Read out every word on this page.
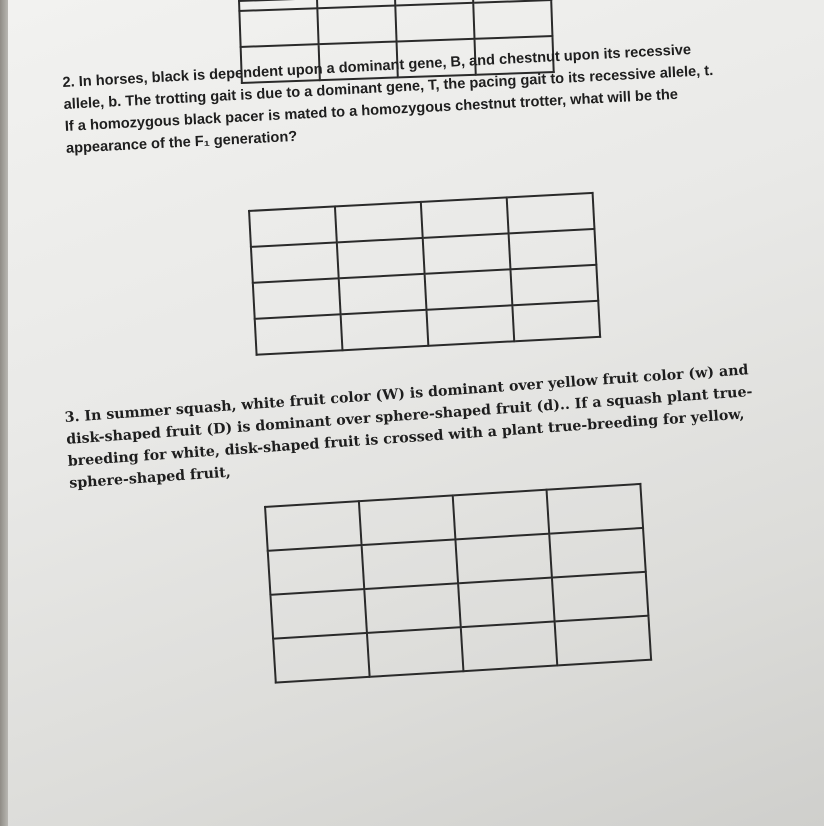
2. In horses, black is dependent upon a dominant gene, B, and chestnut upon its recessive allele, b. The trotting gait is due to a dominant gene, T, the pacing gait to its recessive allele, t. If a homozygous black pacer is mated to a homozygous chestnut trotter, what will be the appearance of the F₁ generation?

3. In summer squash, white fruit color (W) is dominant over yellow fruit color (w) and disk-shaped fruit (D) is dominant over sphere-shaped fruit (d).. If a squash plant true-breeding for white, disk-shaped fruit is crossed with a plant true-breeding for yellow, sphere-shaped fruit,
